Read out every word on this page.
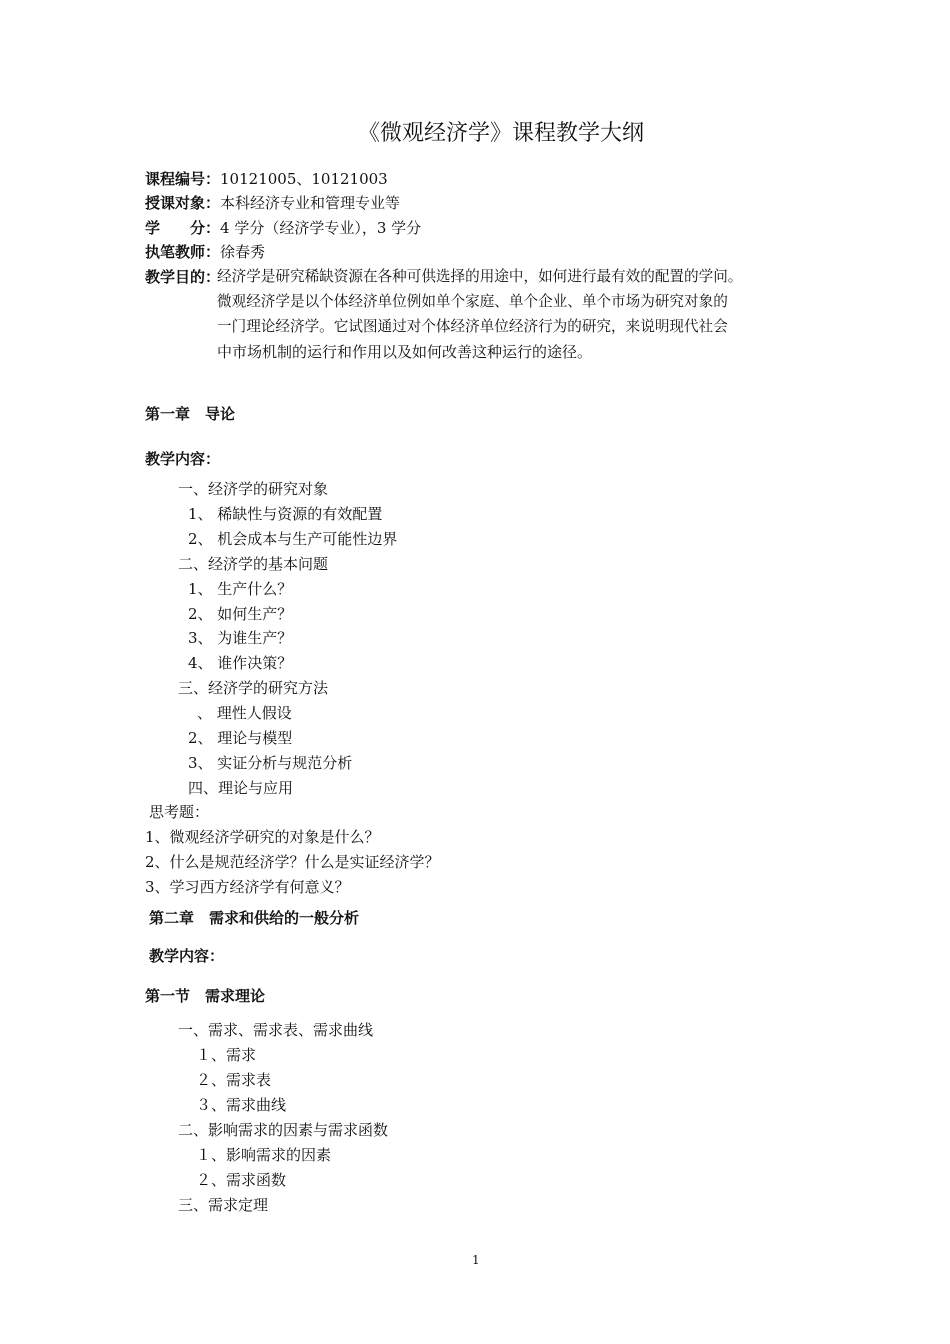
《微观经济学》课程教学大纲
课程编号：10121005、10121003
授课对象：本科经济专业和管理专业等
学　　分：4 学分（经济学专业），3 学分
执笔教师：徐春秀
教学目的：
经济学是研究稀缺资源在各种可供选择的用途中，如何进行最有效的配置的学问。
微观经济学是以个体经济单位例如单个家庭、单个企业、单个市场为研究对象的
一门理论经济学。它试图通过对个体经济单位经济行为的研究，来说明现代社会
中市场机制的运行和作用以及如何改善这种运行的途径。
第一章　导论
教学内容：
一、经济学的研究对象
1、 稀缺性与资源的有效配置
2、 机会成本与生产可能性边界
二、经济学的基本问题
1、 生产什么？
2、 如何生产？
3、 为谁生产？
4、 谁作决策？
三、经济学的研究方法
、 理性人假设
2、 理论与模型
3、 实证分析与规范分析
四、理论与应用
思考题：
1、微观经济学研究的对象是什么？
2、什么是规范经济学？什么是实证经济学？
3、学习西方经济学有何意义？
第二章　需求和供给的一般分析
教学内容：
第一节　需求理论
一、需求、需求表、需求曲线
１、需求
２、需求表
３、需求曲线
二、影响需求的因素与需求函数
１、影响需求的因素
２、需求函数
三、需求定理
1
